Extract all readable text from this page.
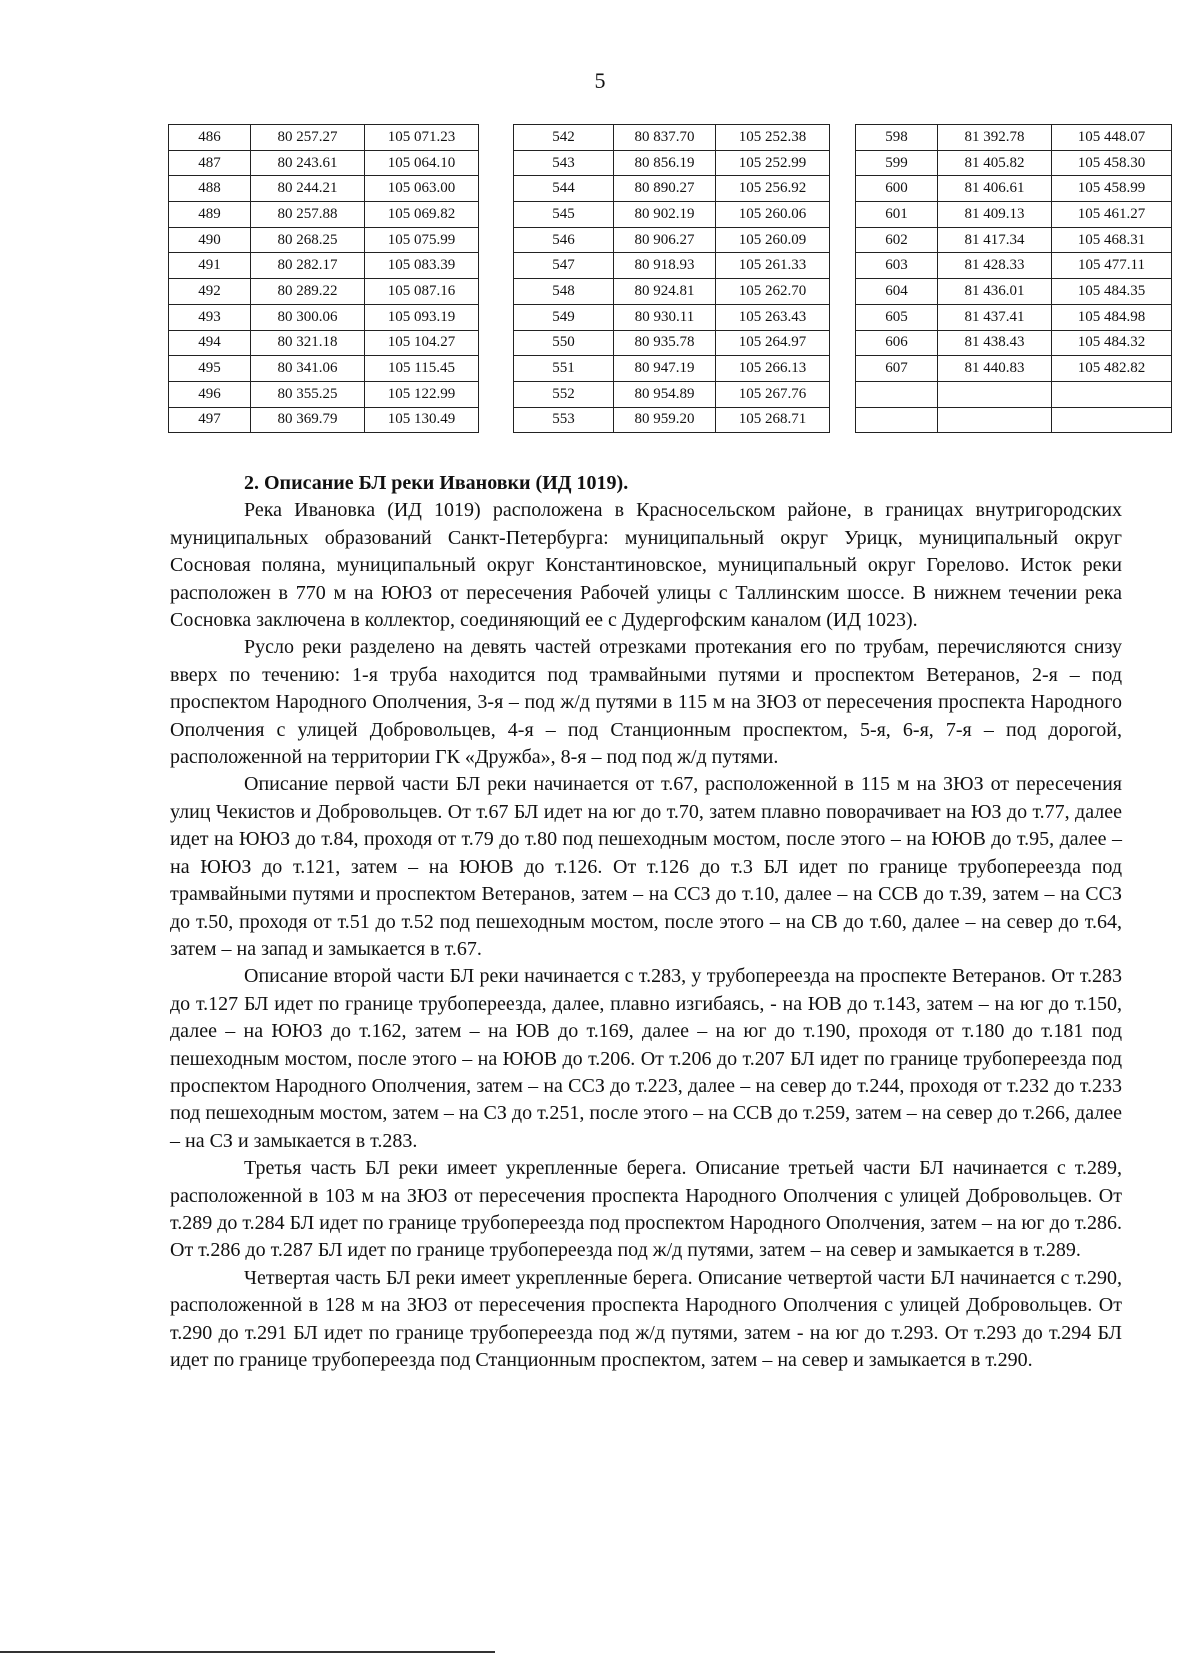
5
486	80 257.27	105 071.23
487	80 243.61	105 064.10
488	80 244.21	105 063.00
489	80 257.88	105 069.82
490	80 268.25	105 075.99
491	80 282.17	105 083.39
492	80 289.22	105 087.16
493	80 300.06	105 093.19
494	80 321.18	105 104.27
495	80 341.06	105 115.45
496	80 355.25	105 122.99
497	80 369.79	105 130.49
542	80 837.70	105 252.38
543	80 856.19	105 252.99
544	80 890.27	105 256.92
545	80 902.19	105 260.06
546	80 906.27	105 260.09
547	80 918.93	105 261.33
548	80 924.81	105 262.70
549	80 930.11	105 263.43
550	80 935.78	105 264.97
551	80 947.19	105 266.13
552	80 954.89	105 267.76
553	80 959.20	105 268.71
598	81 392.78	105 448.07
599	81 405.82	105 458.30
600	81 406.61	105 458.99
601	81 409.13	105 461.27
602	81 417.34	105 468.31
603	81 428.33	105 477.11
604	81 436.01	105 484.35
605	81 437.41	105 484.98
606	81 438.43	105 484.32
607	81 440.83	105 482.82

2. Описание БЛ реки Ивановки (ИД 1019).

Река Ивановка (ИД 1019) расположена в Красносельском районе, в границах внутригородских муниципальных образований Санкт-Петербурга: муниципальный округ Урицк, муниципальный округ Сосновая поляна, муниципальный округ Константиновское, муниципальный округ Горелово. Исток реки расположен в 770 м на ЮЮЗ от пересечения Рабочей улицы с Таллинским шоссе. В нижнем течении река Сосновка заключена в коллектор, соединяющий ее с Дудергофским каналом (ИД 1023).

Русло реки разделено на девять частей отрезками протекания его по трубам, перечисляются снизу вверх по течению: 1-я труба находится под трамвайными путями и проспектом Ветеранов, 2-я – под проспектом Народного Ополчения, 3-я – под ж/д путями в 115 м на ЗЮЗ от пересечения проспекта Народного Ополчения с улицей Добровольцев, 4-я – под Станционным проспектом, 5-я, 6-я, 7-я – под дорогой, расположенной на территории ГК «Дружба», 8-я – под под ж/д путями.

Описание первой части БЛ реки начинается от т.67, расположенной в 115 м на ЗЮЗ от пересечения улиц Чекистов и Добровольцев. От т.67 БЛ идет на юг до т.70, затем плавно поворачивает на ЮЗ до т.77, далее идет на ЮЮЗ до т.84, проходя от т.79 до т.80 под пешеходным мостом, после этого – на ЮЮВ до т.95, далее – на ЮЮЗ до т.121, затем – на ЮЮВ до т.126. От т.126 до т.3 БЛ идет по границе трубопереезда под трамвайными путями и проспектом Ветеранов, затем – на ССЗ до т.10, далее – на ССВ до т.39, затем – на ССЗ до т.50, проходя от т.51 до т.52 под пешеходным мостом, после этого – на СВ до т.60, далее – на север до т.64, затем – на запад и замыкается в т.67.

Описание второй части БЛ реки начинается с т.283, у трубопереезда на проспекте Ветеранов. От т.283 до т.127 БЛ идет по границе трубопереезда, далее, плавно изгибаясь, - на ЮВ до т.143, затем – на юг до т.150, далее – на ЮЮЗ до т.162, затем – на ЮВ до т.169, далее – на юг до т.190, проходя от т.180 до т.181 под пешеходным мостом, после этого – на ЮЮВ до т.206. От т.206 до т.207 БЛ идет по границе трубопереезда под проспектом Народного Ополчения, затем – на ССЗ до т.223, далее – на север до т.244, проходя от т.232 до т.233 под пешеходным мостом, затем – на СЗ до т.251, после этого – на ССВ до т.259, затем – на север до т.266, далее – на СЗ и замыкается в т.283.

Третья часть БЛ реки имеет укрепленные берега. Описание третьей части БЛ начинается с т.289, расположенной в 103 м на ЗЮЗ от пересечения проспекта Народного Ополчения с улицей Добровольцев. От т.289 до т.284 БЛ идет по границе трубопереезда под проспектом Народного Ополчения, затем – на юг до т.286. От т.286 до т.287 БЛ идет по границе трубопереезда под ж/д путями, затем – на север и замыкается в т.289.

Четвертая часть БЛ реки имеет укрепленные берега. Описание четвертой части БЛ начинается с т.290, расположенной в 128 м на ЗЮЗ от пересечения проспекта Народного Ополчения с улицей Добровольцев. От т.290 до т.291 БЛ идет по границе трубопереезда под ж/д путями, затем - на юг до т.293. От т.293 до т.294 БЛ идет по границе трубопереезда под Станционным проспектом, затем – на север и замыкается в т.290.
